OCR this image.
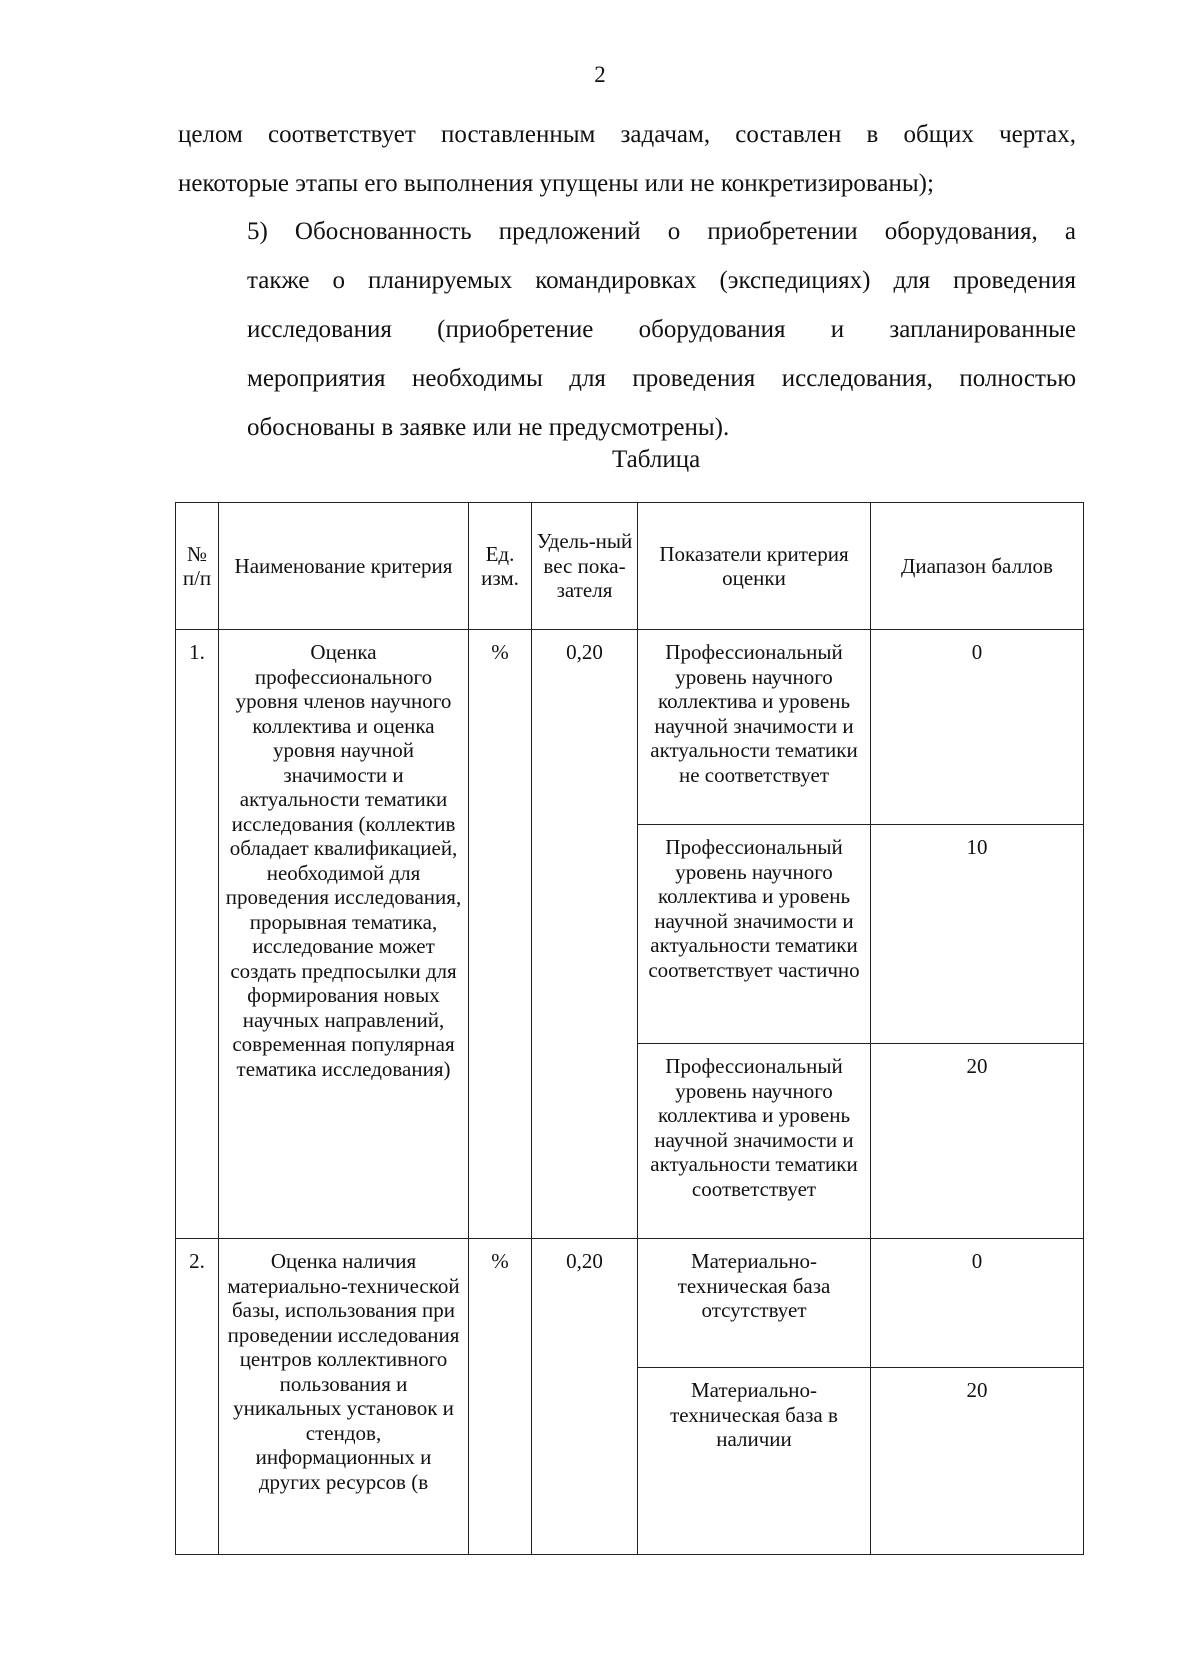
2
целом соответствует поставленным задачам, составлен в общих чертах,
некоторые этапы его выполнения упущены или не конкретизированы);
5) Обоснованность предложений о приобретении оборудования, а
также о планируемых командировках (экспедициях) для проведения
исследования (приобретение оборудования и запланированные
мероприятия необходимы для проведения исследования, полностью
обоснованы в заявке или не предусмотрены).
Таблица
№ п/п	Наименование критерия	Ед. изм.	Удель-ный вес пока-зателя	Показатели критерия оценки	Диапазон баллов
1.	Оценка профессионального уровня членов научного коллектива и оценка уровня научной значимости и актуальности тематики исследования (коллектив обладает квалификацией, необходимой для проведения исследования, прорывная тематика, исследование может создать предпосылки для формирования новых научных направлений, современная популярная тематика исследования)	%	0,20	Профессиональный уровень научного коллектива и уровень научной значимости и актуальности тематики не соответствует	0
				Профессиональный уровень научного коллектива и уровень научной значимости и актуальности тематики соответствует частично	10
				Профессиональный уровень научного коллектива и уровень научной значимости и актуальности тематики соответствует	20
2.	Оценка наличия материально-технической базы, использования при проведении исследования центров коллективного пользования и уникальных установок и стендов, информационных и других ресурсов (в	%	0,20	Материально-техническая база отсутствует	0
				Материально-техническая база в наличии	20
